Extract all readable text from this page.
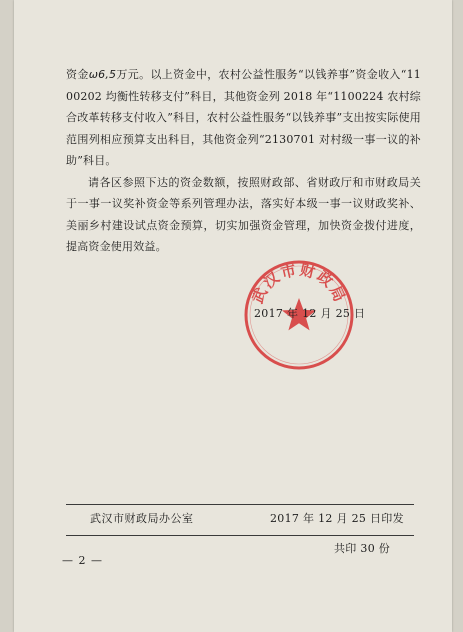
资金ω6,5万元。以上资金中，农村公益性服务“以钱养事”资金收入“1100202 均衡性转移支付”科目，其他资金列 2018 年“1100224 农村综合改革转移支付收入”科目，农村公益性服务“以钱养事”支出按实际使用范围列相应预算支出科目，其他资金列“2130701 对村级一事一议的补助”科目。

请各区参照下达的资金数额，按照财政部、省财政厅和市财政局关于一事一议奖补资金等系列管理办法，落实好本级一事一议财政奖补、美丽乡村建设试点资金预算，切实加强资金管理，加快资金拨付进度，提高资金使用效益。

武汉市财政局
2017 年 12 月 25 日
武汉市财政局办公室	2017 年 12 月 25 日印发
共印 30 份
— 2 —
